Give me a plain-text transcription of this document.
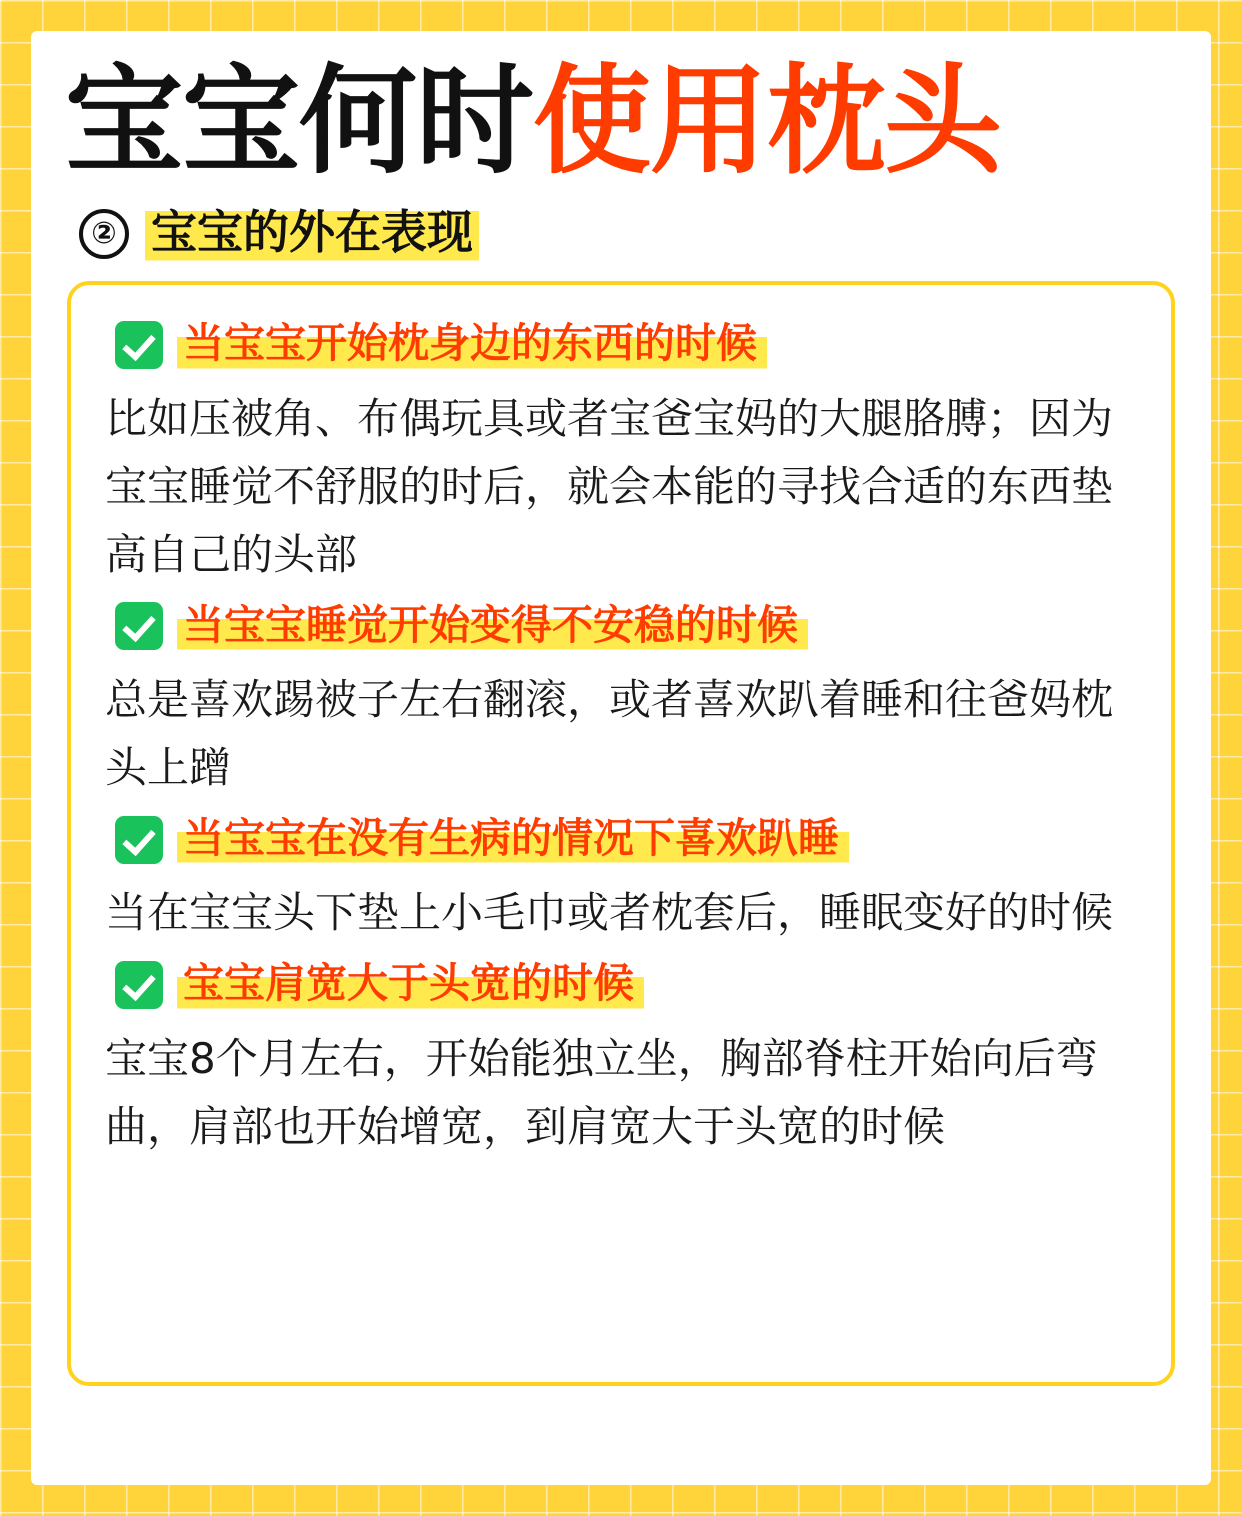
宝宝何时使用枕头
② 宝宝的外在表现
当宝宝开始枕身边的东西的时候

比如压被角、布偶玩具或者宝爸宝妈的大腿胳膊；因为宝宝睡觉不舒服的时后，就会本能的寻找合适的东西垫高自己的头部

当宝宝睡觉开始变得不安稳的时候

总是喜欢踢被子左右翻滚，或者喜欢趴着睡和往爸妈枕头上蹭

当宝宝在没有生病的情况下喜欢趴睡

当在宝宝头下垫上小毛巾或者枕套后，睡眠变好的时候

宝宝肩宽大于头宽的时候

宝宝8个月左右，开始能独立坐，胸部脊柱开始向后弯曲，肩部也开始增宽，到肩宽大于头宽的时候
